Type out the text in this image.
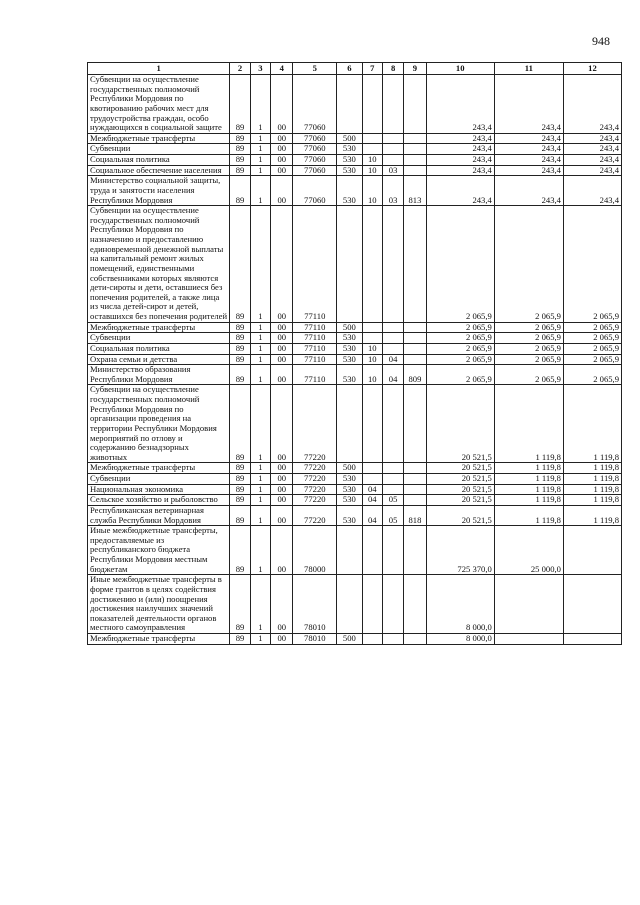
948
1	2	3	4	5	6	7	8	9	10	11	12
Субвенции на осуществление государственных полномочий Республики Мордовия по квотированию рабочих мест для трудоустройства граждан, особо нуждающихся в социальной защите	89	1	00	77060					243,4	243,4	243,4
Межбюджетные трансферты	89	1	00	77060	500				243,4	243,4	243,4
Субвенции	89	1	00	77060	530				243,4	243,4	243,4
Социальная политика	89	1	00	77060	530	10			243,4	243,4	243,4
Социальное обеспечение населения	89	1	00	77060	530	10	03		243,4	243,4	243,4
Министерство социальной защиты, труда и занятости населения Республики Мордовия	89	1	00	77060	530	10	03	813	243,4	243,4	243,4
Субвенции на осуществление государственных полномочий Республики Мордовия по назначению и предоставлению единовременной денежной выплаты на капитальный ремонт жилых помещений, единственными собственниками которых являются дети-сироты и дети, оставшиеся без попечения родителей, а также лица из числа детей-сирот и детей, оставшихся без попечения родителей	89	1	00	77110					2 065,9	2 065,9	2 065,9
Межбюджетные трансферты	89	1	00	77110	500				2 065,9	2 065,9	2 065,9
Субвенции	89	1	00	77110	530				2 065,9	2 065,9	2 065,9
Социальная политика	89	1	00	77110	530	10			2 065,9	2 065,9	2 065,9
Охрана семьи и детства	89	1	00	77110	530	10	04		2 065,9	2 065,9	2 065,9
Министерство образования Республики Мордовия	89	1	00	77110	530	10	04	809	2 065,9	2 065,9	2 065,9
Субвенции на осуществление государственных полномочий Республики Мордовия по организации проведения на территории Республики Мордовия мероприятий по отлову и содержанию безнадзорных животных	89	1	00	77220					20 521,5	1 119,8	1 119,8
Межбюджетные трансферты	89	1	00	77220	500				20 521,5	1 119,8	1 119,8
Субвенции	89	1	00	77220	530				20 521,5	1 119,8	1 119,8
Национальная экономика	89	1	00	77220	530	04			20 521,5	1 119,8	1 119,8
Сельское хозяйство и рыболовство	89	1	00	77220	530	04	05		20 521,5	1 119,8	1 119,8
Республиканская ветеринарная служба Республики Мордовия	89	1	00	77220	530	04	05	818	20 521,5	1 119,8	1 119,8
Иные межбюджетные трансферты, предоставляемые из республиканского бюджета Республики Мордовия местным бюджетам	89	1	00	78000					725 370,0	25 000,0	
Иные межбюджетные трансферты в форме грантов в целях содействия достижению и (или) поощрения достижения наилучших значений показателей деятельности органов местного самоуправления	89	1	00	78010					8 000,0		
Межбюджетные трансферты	89	1	00	78010	500				8 000,0		
